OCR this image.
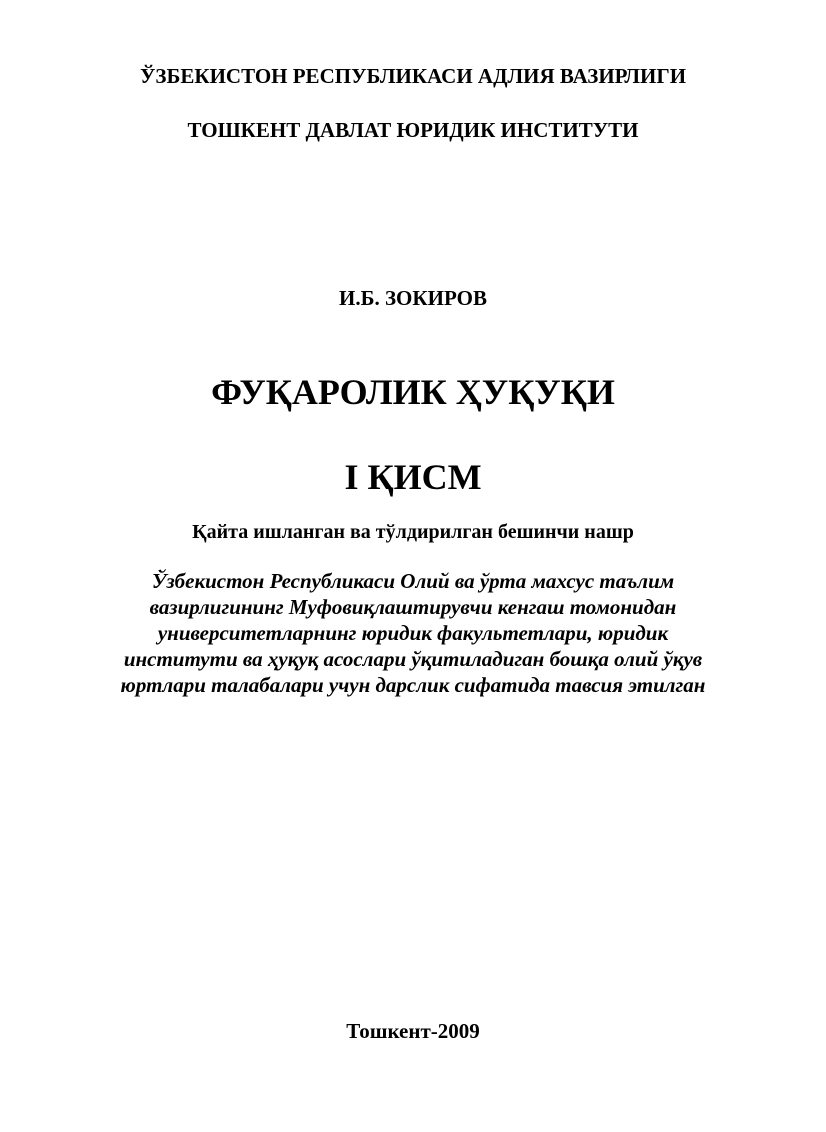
ЎЗБЕКИСТОН РЕСПУБЛИКАСИ АДЛИЯ ВАЗИРЛИГИ
ТОШКЕНТ ДАВЛАТ ЮРИДИК ИНСТИТУТИ
И.Б. ЗОКИРОВ
ФУҚАРОЛИК ҲУҚУҚИ
I ҚИСМ
Қайта ишланган ва тўлдирилган бешинчи нашр
Ўзбекистон Республикаси Олий ва ўрта махсус таълим
вазирлигининг Муфовиқлаштирувчи кенгаш томонидан
университетларнинг юридик факультетлари, юридик
институти ва ҳуқуқ асослари ўқитиладиган бошқа олий ўқув
юртлари талабалари учун дарслик сифатида тавсия этилган
Тошкент-2009
